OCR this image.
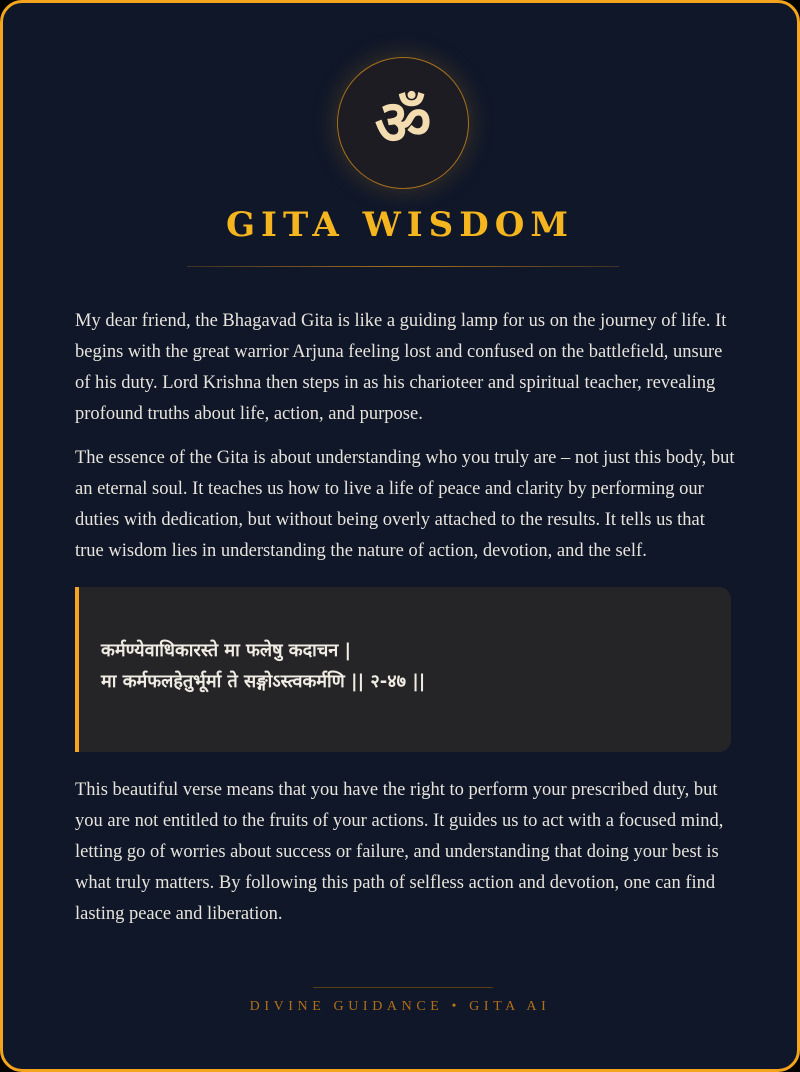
ॐ
GITA WISDOM

My dear friend, the Bhagavad Gita is like a guiding lamp for us on the journey of life. It begins with the great warrior Arjuna feeling lost and confused on the battlefield, unsure of his duty. Lord Krishna then steps in as his charioteer and spiritual teacher, revealing profound truths about life, action, and purpose.

The essence of the Gita is about understanding who you truly are – not just this body, but an eternal soul. It teaches us how to live a life of peace and clarity by performing our duties with dedication, but without being overly attached to the results. It tells us that true wisdom lies in understanding the nature of action, devotion, and the self.

कर्मण्येवाधिकारस्ते मा फलेषु कदाचन |
मा कर्मफलहेतुर्भूर्मा ते सङ्गोऽस्त्वकर्मणि || २-४७ ||

This beautiful verse means that you have the right to perform your prescribed duty, but you are not entitled to the fruits of your actions. It guides us to act with a focused mind, letting go of worries about success or failure, and understanding that doing your best is what truly matters. By following this path of selfless action and devotion, one can find lasting peace and liberation.

DIVINE GUIDANCE • GITA AI
